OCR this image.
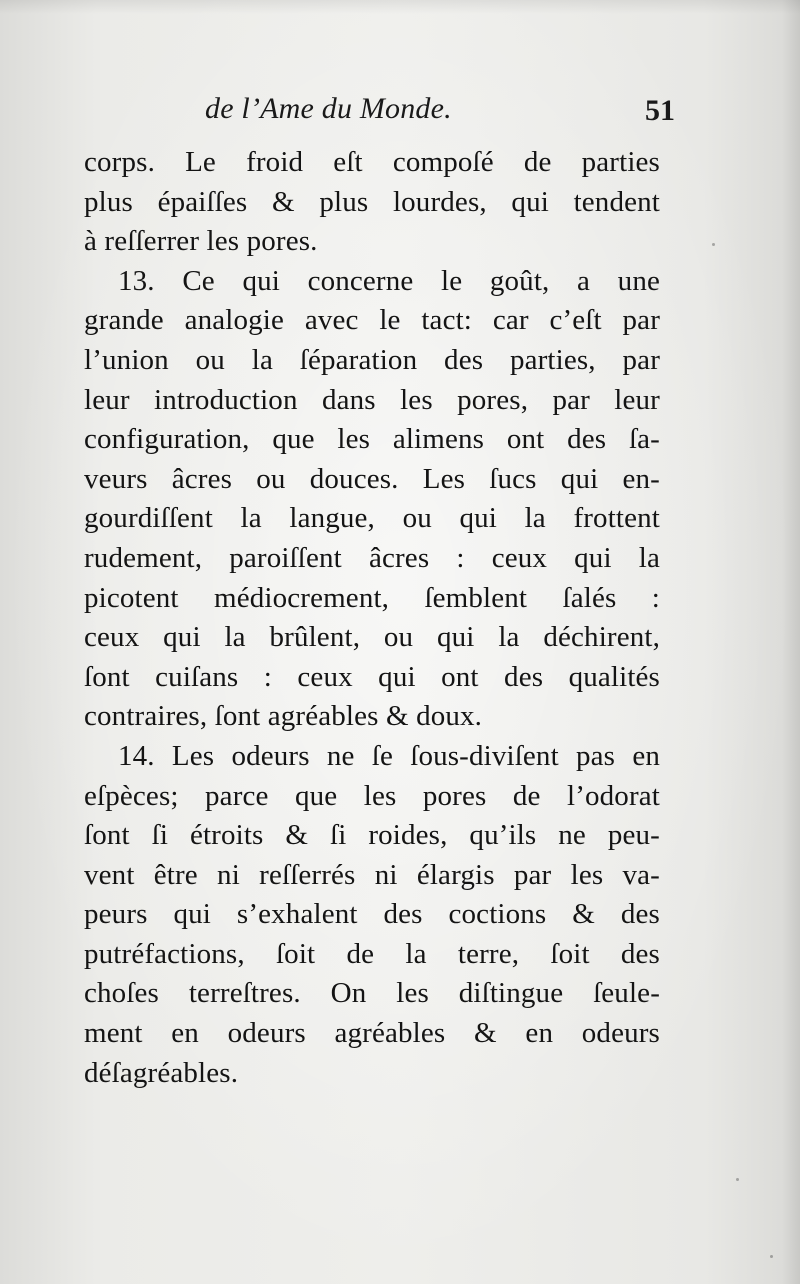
de l’Ame du Monde.	51
corps. Le froid eſt compoſé de parties
plus épaiſſes & plus lourdes, qui tendent
à reſſerrer les pores.
13. Ce qui concerne le goût, a une
grande analogie avec le tact: car c’eſt par
l’union ou la ſéparation des parties, par
leur introduction dans les pores, par leur
configuration, que les alimens ont des ſa-
veurs âcres ou douces. Les ſucs qui en-
gourdiſſent la langue, ou qui la frottent
rudement, paroiſſent âcres : ceux qui la
picotent médiocrement, ſemblent ſalés :
ceux qui la brûlent, ou qui la déchirent,
ſont cuiſans : ceux qui ont des qualités
contraires, ſont agréables & doux.
14. Les odeurs ne ſe ſous-diviſent pas en
eſpèces; parce que les pores de l’odorat
ſont ſi étroits & ſi roides, qu’ils ne peu-
vent être ni reſſerrés ni élargis par les va-
peurs qui s’exhalent des coctions & des
putréfactions, ſoit de la terre, ſoit des
choſes terreſtres. On les diſtingue ſeule-
ment en odeurs agréables & en odeurs
déſagréables.
